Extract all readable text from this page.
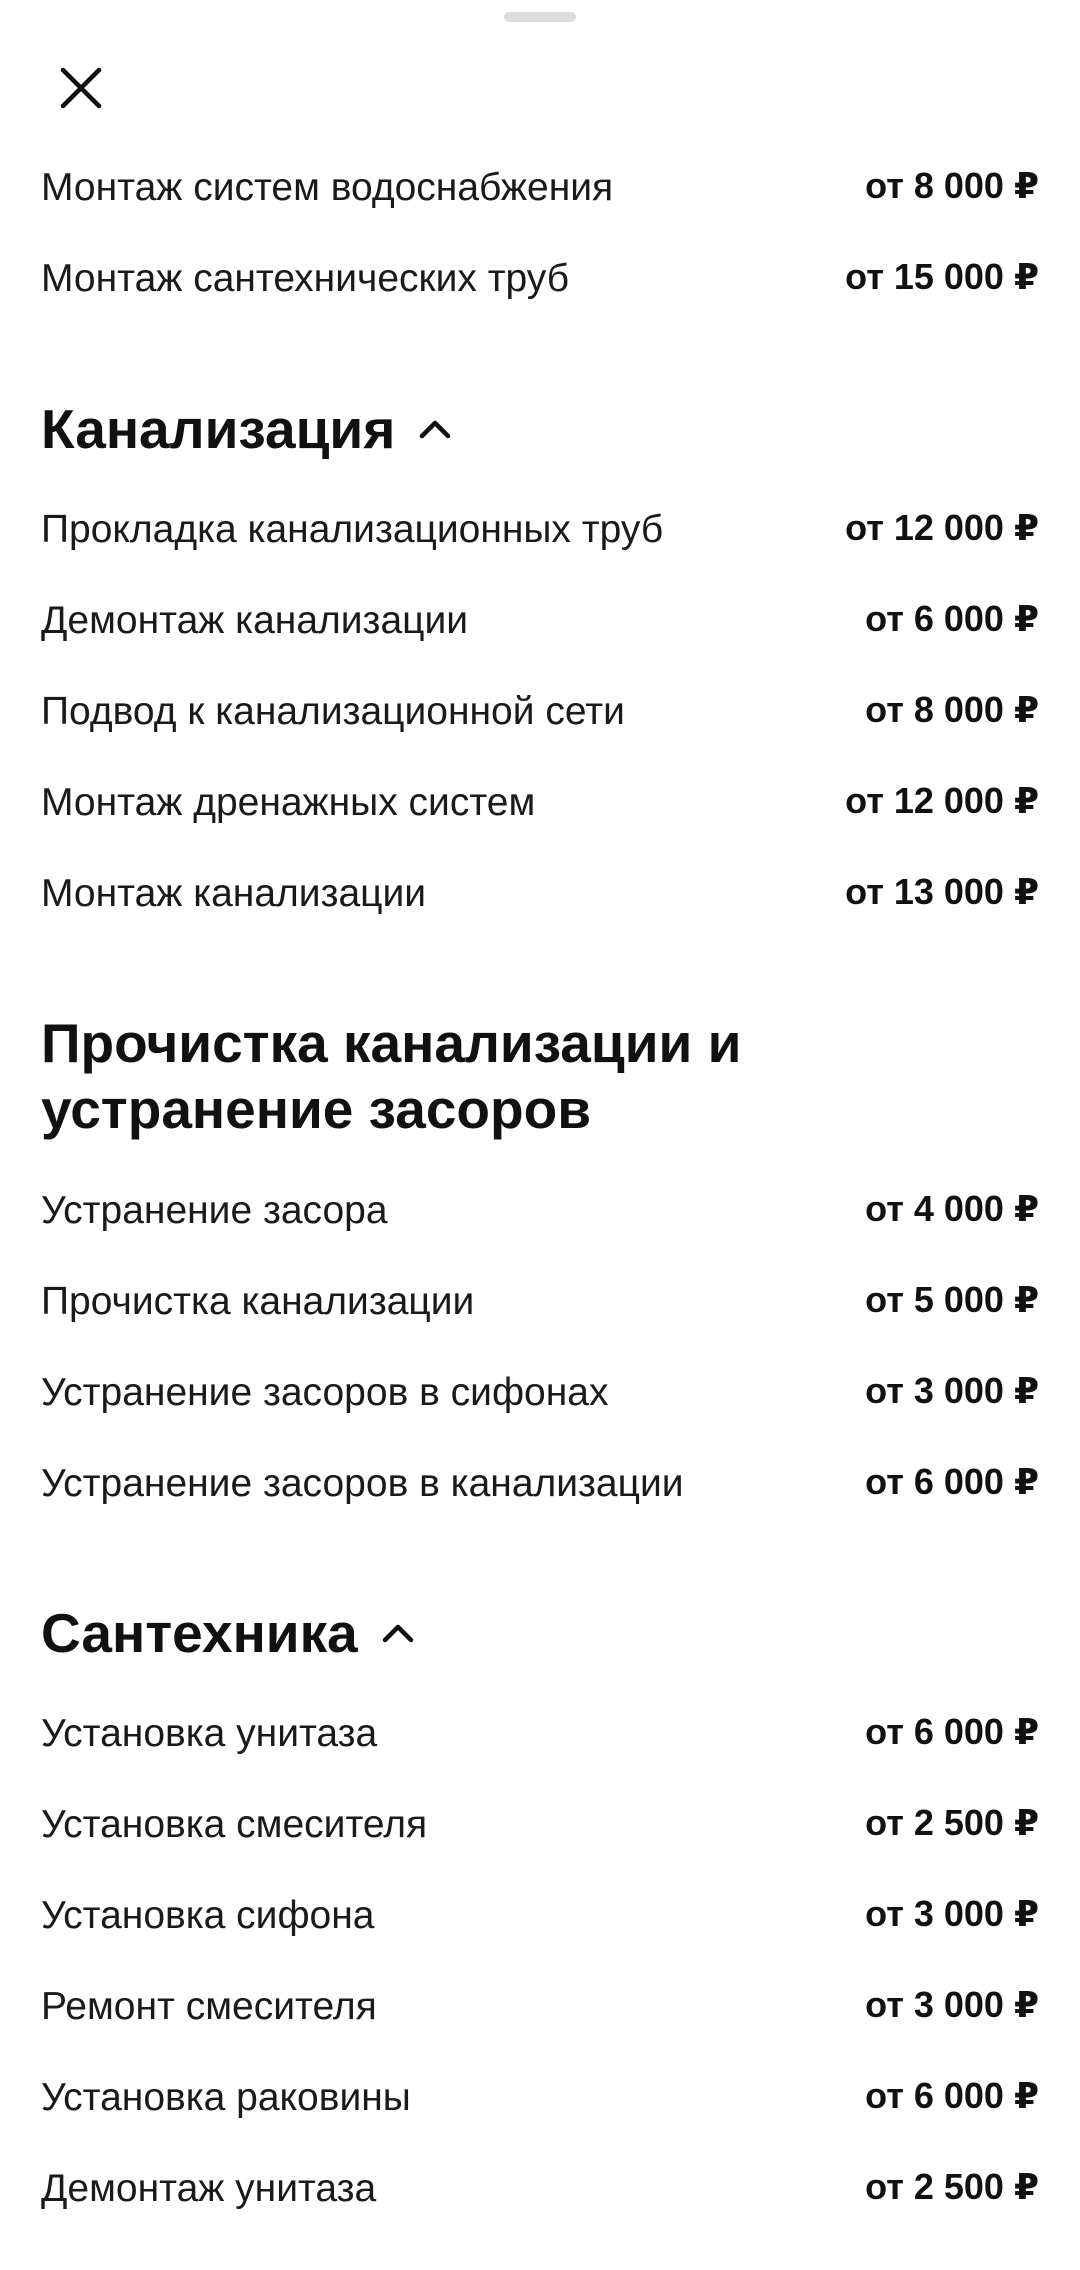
Монтаж систем водоснабжения	от 8 000 ₽
Монтаж сантехнических труб	от 15 000 ₽
Канализация
Прокладка канализационных труб	от 12 000 ₽
Демонтаж канализации	от 6 000 ₽
Подвод к канализационной сети	от 8 000 ₽
Монтаж дренажных систем	от 12 000 ₽
Монтаж канализации	от 13 000 ₽
Прочистка канализации и
устранение засоров
Устранение засора	от 4 000 ₽
Прочистка канализации	от 5 000 ₽
Устранение засоров в сифонах	от 3 000 ₽
Устранение засоров в канализации	от 6 000 ₽
Сантехника
Установка унитаза	от 6 000 ₽
Установка смесителя	от 2 500 ₽
Установка сифона	от 3 000 ₽
Ремонт смесителя	от 3 000 ₽
Установка раковины	от 6 000 ₽
Демонтаж унитаза	от 2 500 ₽
